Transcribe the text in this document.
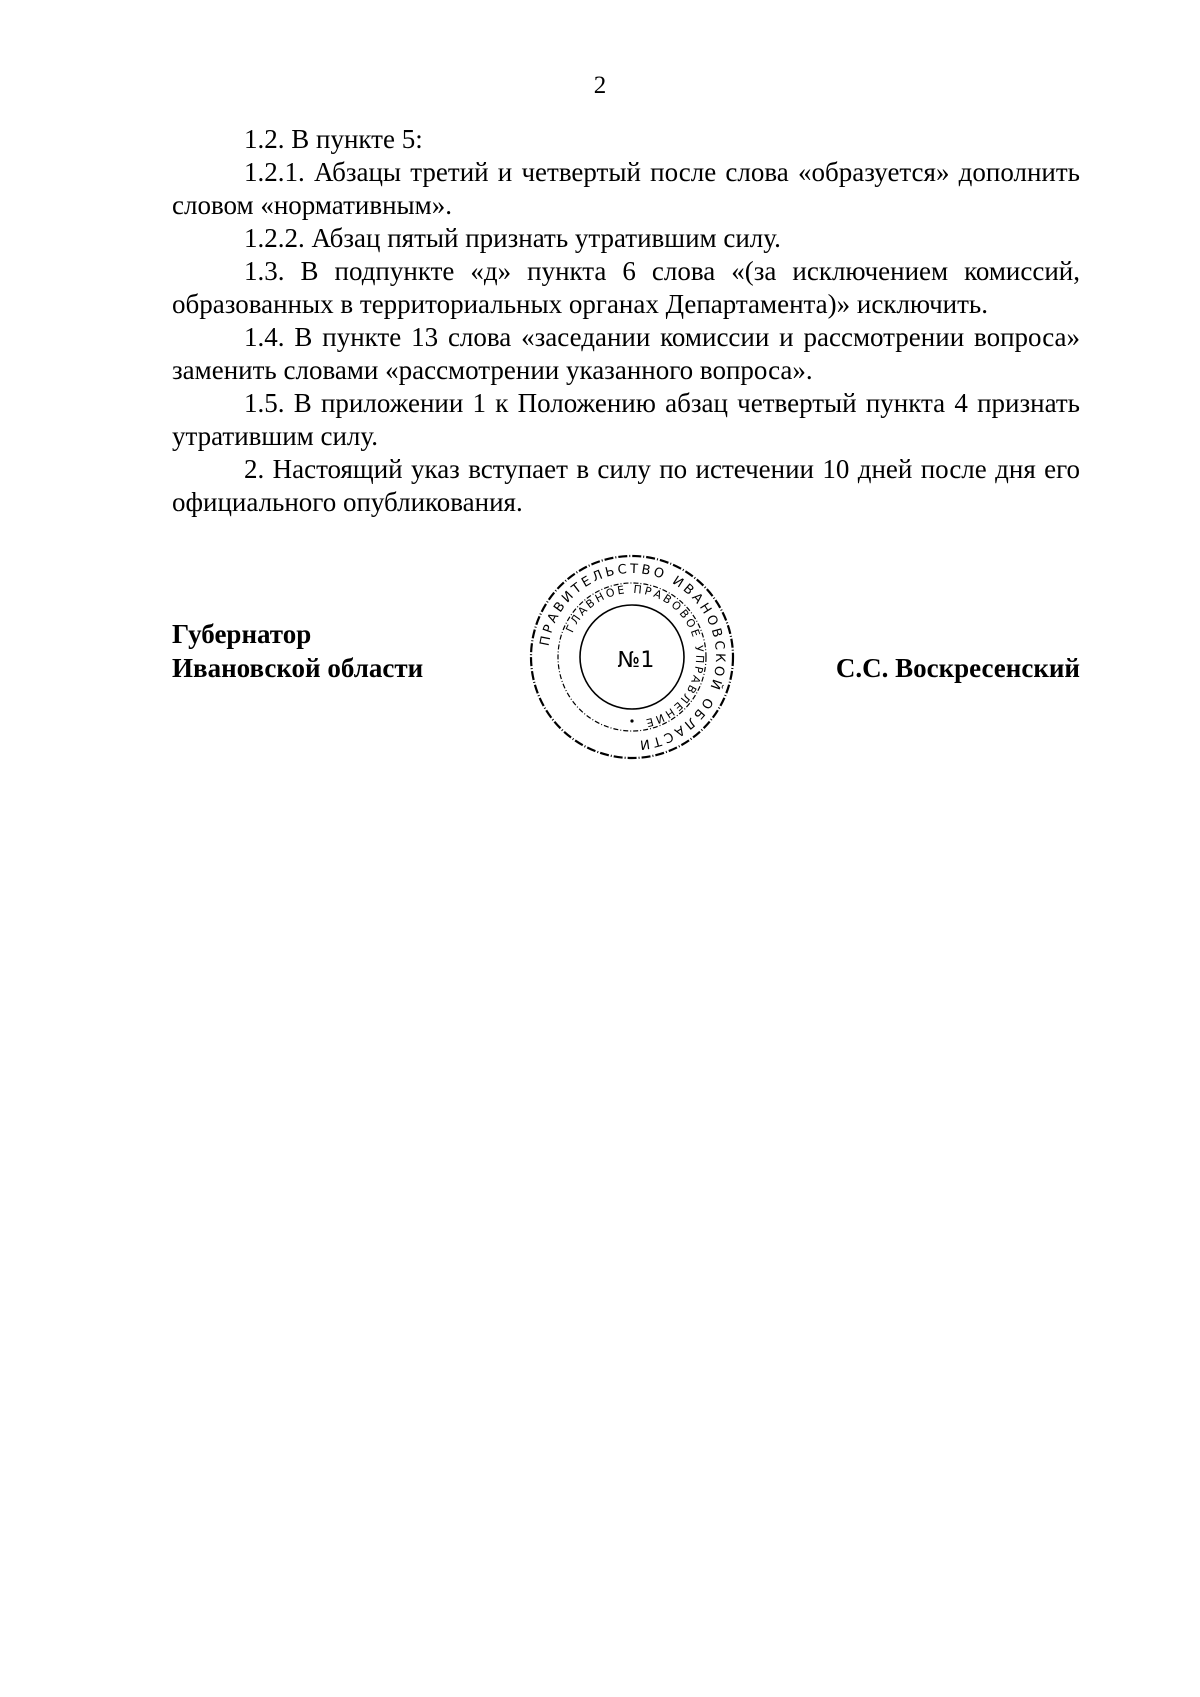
2

1.2. В пункте 5:

1.2.1. Абзацы третий и четвертый после слова «образуется» дополнить словом «нормативным».

1.2.2. Абзац пятый признать утратившим силу.

1.3. В подпункте «д» пункта 6 слова «(за исключением комиссий, образованных в территориальных органах Департамента)» исключить.

1.4. В пункте 13 слова «заседании комиссии и рассмотрении вопроса» заменить словами «рассмотрении указанного вопроса».

1.5. В приложении 1 к Положению абзац четвертый пункта 4 признать утратившим силу.

2. Настоящий указ вступает в силу по истечении 10 дней после дня его официального опубликования.

Губернатор
Ивановской области	С.С. Воскресенский
ПРАВИТЕЛЬСТВО ИВАНОВСКОЙ ОБЛАСТИ
ГЛАВНОЕ ПРАВОВОЕ УПРАВЛЕНИЕ
№1
